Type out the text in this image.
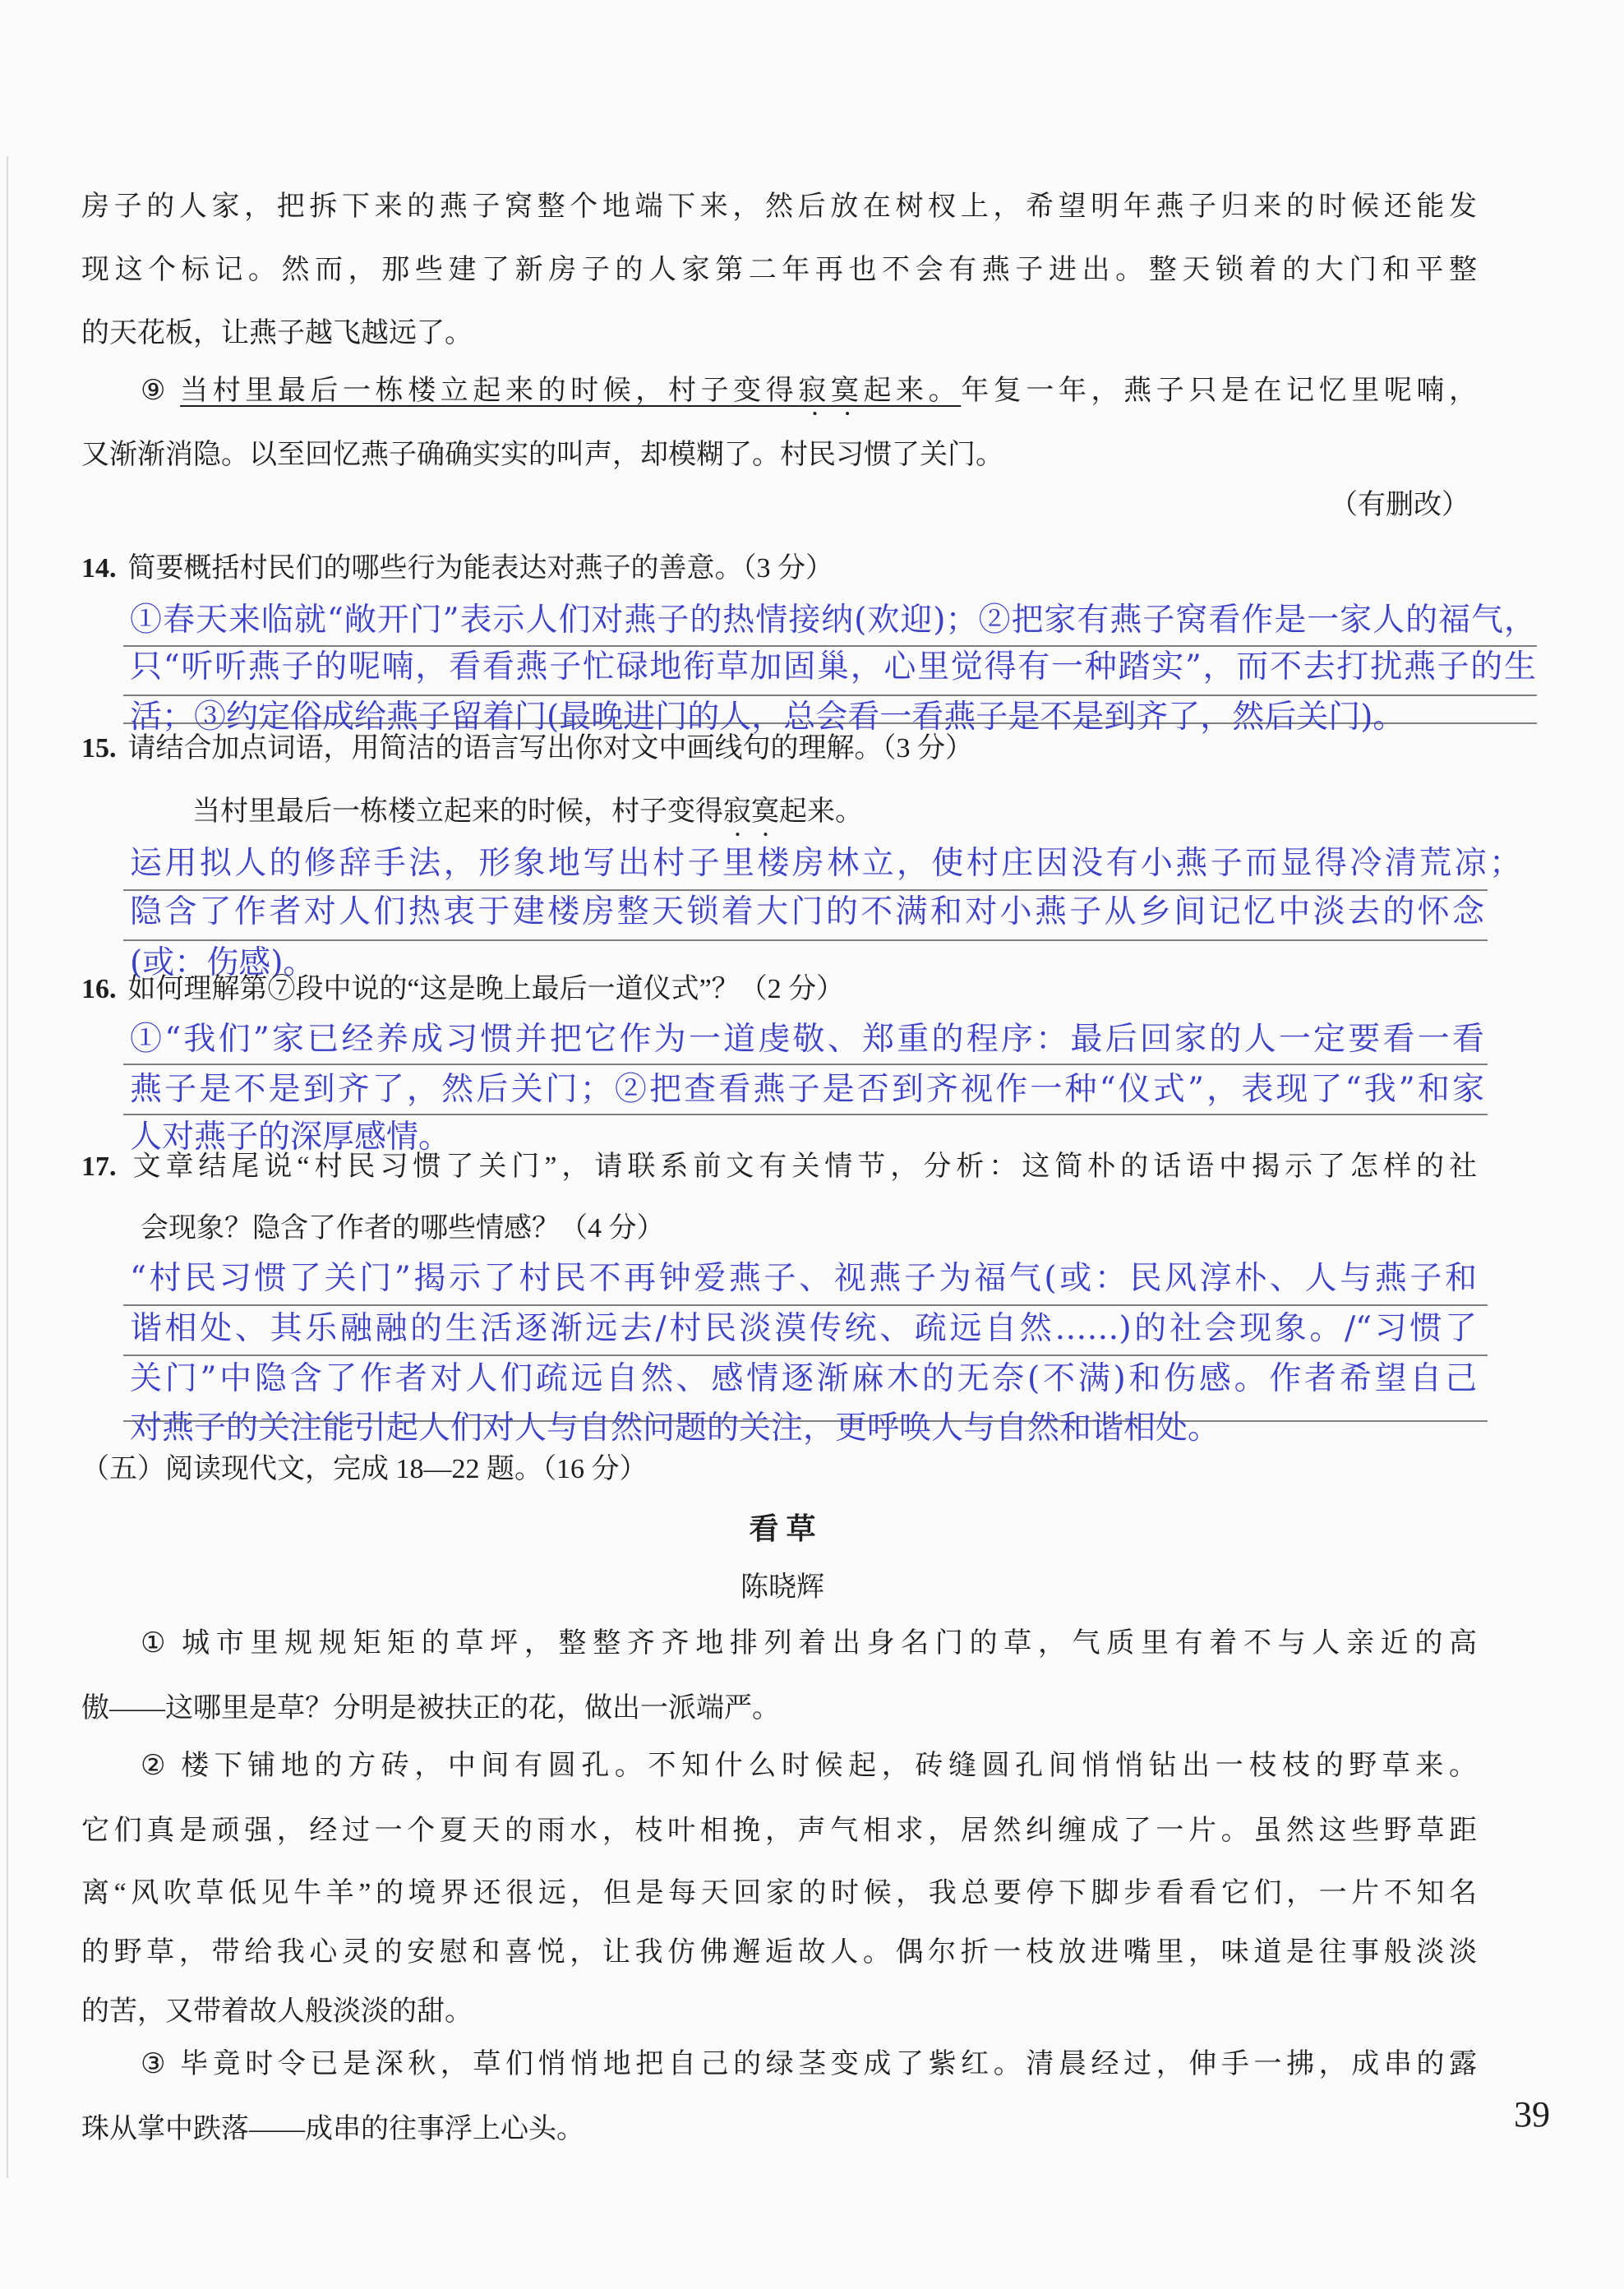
房子的人家，把拆下来的燕子窝整个地端下来，然后放在树杈上，希望明年燕子归来的时候还能发
现这个标记。然而，那些建了新房子的人家第二年再也不会有燕子进出。整天锁着的大门和平整
的天花板，让燕子越飞越远了。
⑨ 当村里最后一栋楼立起来的时候，村子变得寂寞起来。年复一年，燕子只是在记忆里呢喃，
又渐渐消隐。以至回忆燕子确确实实的叫声，却模糊了。村民习惯了关门。
（有删改）
14. 简要概括村民们的哪些行为能表达对燕子的善意。（3 分）
①春天来临就“敞开门”表示人们对燕子的热情接纳(欢迎)；②把家有燕子窝看作是一家人的福气，
只“听听燕子的呢喃，看看燕子忙碌地衔草加固巢，心里觉得有一种踏实”，而不去打扰燕子的生
活；③约定俗成给燕子留着门(最晚进门的人，总会看一看燕子是不是到齐了，然后关门)。
15. 请结合加点词语，用简洁的语言写出你对文中画线句的理解。（3 分）
当村里最后一栋楼立起来的时候，村子变得寂寞起来。
运用拟人的修辞手法，形象地写出村子里楼房林立，使村庄因没有小燕子而显得冷清荒凉；
隐含了作者对人们热衷于建楼房整天锁着大门的不满和对小燕子从乡间记忆中淡去的怀念
(或：伤感)。
16. 如何理解第⑦段中说的“这是晚上最后一道仪式”？（2 分）
①“我们”家已经养成习惯并把它作为一道虔敬、郑重的程序：最后回家的人一定要看一看
燕子是不是到齐了，然后关门；②把查看燕子是否到齐视作一种“仪式”，表现了“我”和家
人对燕子的深厚感情。
17. 文章结尾说“村民习惯了关门”，请联系前文有关情节，分析：这简朴的话语中揭示了怎样的社
会现象？隐含了作者的哪些情感？（4 分）
“村民习惯了关门”揭示了村民不再钟爱燕子、视燕子为福气(或：民风淳朴、人与燕子和
谐相处、其乐融融的生活逐渐远去/村民淡漠传统、疏远自然……)的社会现象。/“习惯了
关门”中隐含了作者对人们疏远自然、感情逐渐麻木的无奈(不满)和伤感。作者希望自己
对燕子的关注能引起人们对人与自然问题的关注，更呼唤人与自然和谐相处。
（五）阅读现代文，完成 18—22 题。（16 分）
看 草
陈晓辉
① 城市里规规矩矩的草坪，整整齐齐地排列着出身名门的草，气质里有着不与人亲近的高
傲——这哪里是草？分明是被扶正的花，做出一派端严。
② 楼下铺地的方砖，中间有圆孔。不知什么时候起，砖缝圆孔间悄悄钻出一枝枝的野草来。
它们真是顽强，经过一个夏天的雨水，枝叶相挽，声气相求，居然纠缠成了一片。虽然这些野草距
离“风吹草低见牛羊”的境界还很远，但是每天回家的时候，我总要停下脚步看看它们，一片不知名
的野草，带给我心灵的安慰和喜悦，让我仿佛邂逅故人。偶尔折一枝放进嘴里，味道是往事般淡淡
的苦，又带着故人般淡淡的甜。
③ 毕竟时令已是深秋，草们悄悄地把自己的绿茎变成了紫红。清晨经过，伸手一拂，成串的露
珠从掌中跌落——成串的往事浮上心头。	39
